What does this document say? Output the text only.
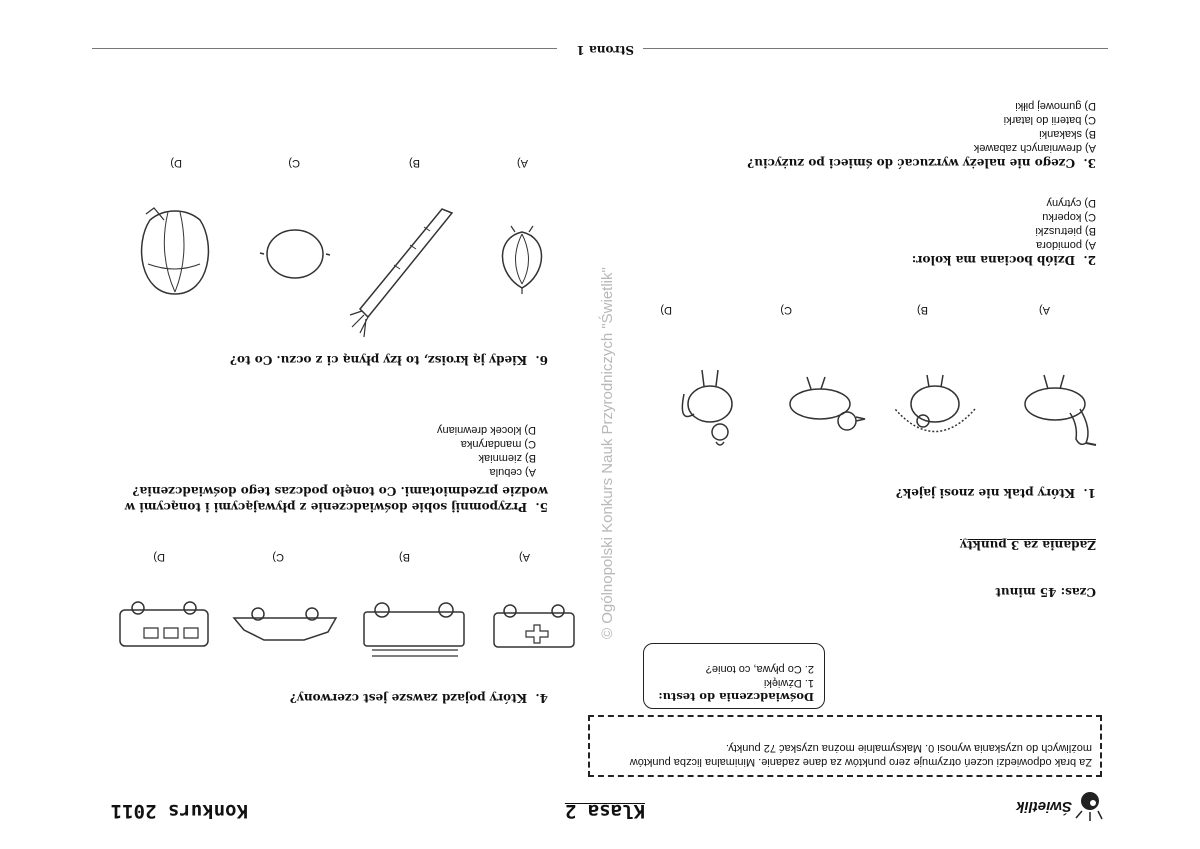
Świetlik
Klasa 2
Konkurs 2011
Za brak odpowiedzi uczeń otrzymuje zero punktów za dane zadanie. Minimalna liczba punktów możliwych do uzyskania wynosi 0. Maksymalnie można uzyskać 72 punkty.
Doświadczenia do testu:
1. Dźwięki
2. Co pływa, co tonie?
Czas: 45 minut
Zadania za 3 punkty
1.  Który ptak nie znosi jajek?
A)
B)
C)
D)
2.  Dziób bociana ma kolor:
A) pomidora
B) pietruszki
C) koperku
D) cytryny
3.  Czego nie należy wyrzucać do śmieci po zużyciu?
A) drewnianych zabawek
B) skakanki
C) baterii do latarki
D) gumowej piłki
© Ogólnopolski Konkurs Nauk Przyrodniczych "Świetlik"
4.  Który pojazd zawsze jest czerwony?
A)
B)
C)
D)
5.  Przypomnij sobie doświadczenie z pływającymi i tonącymi w wodzie przedmiotami. Co tonęło podczas tego doświadczenia?
A) cebula
B) ziemniak
C) mandarynka
D) klocek drewniany
6.  Kiedy ją kroisz, to łzy płyną ci z oczu. Co to?
A)
B)
C)
D)
Strona 1
